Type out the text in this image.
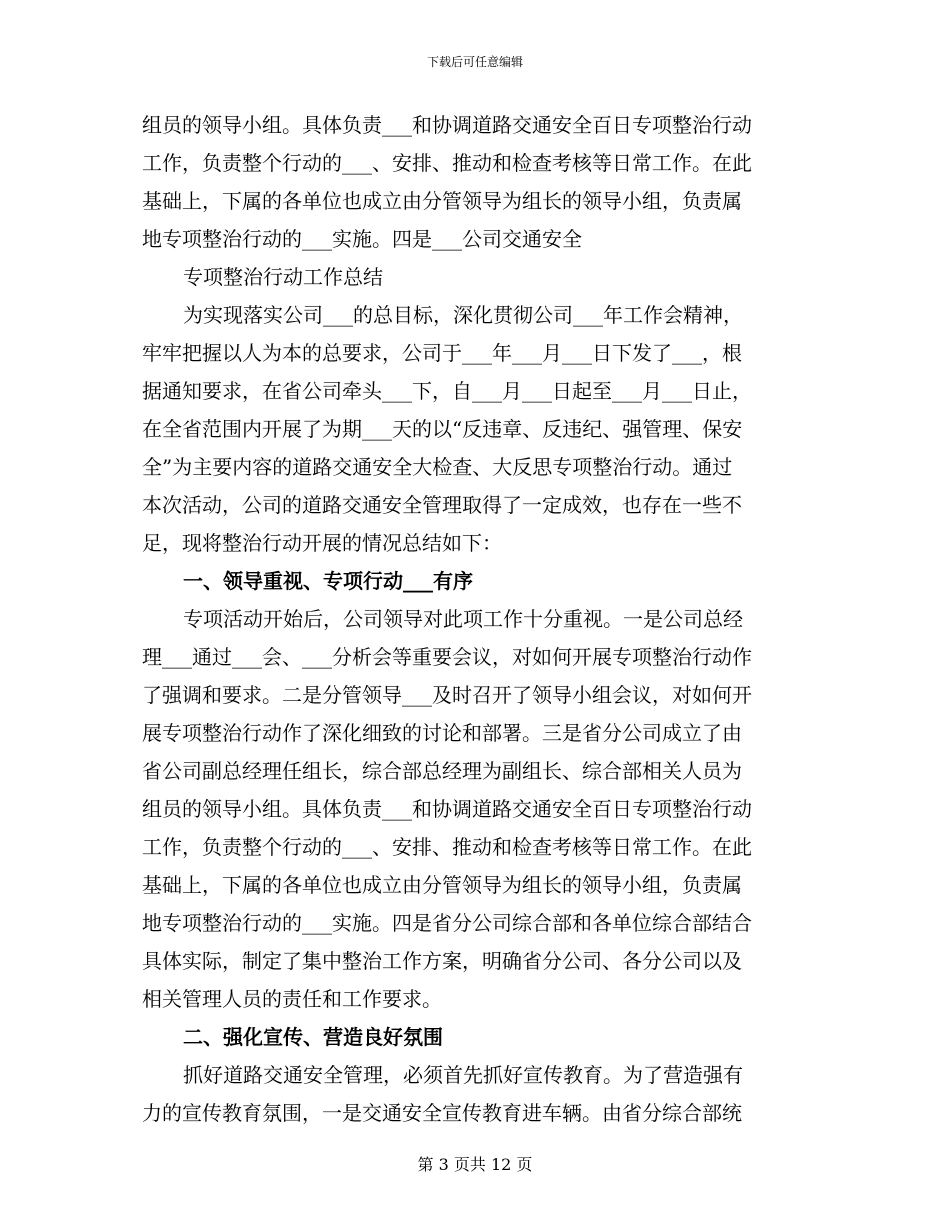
下载后可任意编辑
组员的领导小组。具体负责___和协调道路交通安全百日专项整治行动
工作，负责整个行动的___、安排、推动和检查考核等日常工作。在此
基础上，下属的各单位也成立由分管领导为组长的领导小组，负责属
地专项整治行动的___实施。四是___公司交通安全
专项整治行动工作总结
为实现落实公司___的总目标，深化贯彻公司___年工作会精神，
牢牢把握以人为本的总要求，公司于___年___月___日下发了___，根
据通知要求，在省公司牵头___下，自___月___日起至___月___日止，
在全省范围内开展了为期___天的以“反违章、反违纪、强管理、保安
全”为主要内容的道路交通安全大检查、大反思专项整治行动。通过
本次活动，公司的道路交通安全管理取得了一定成效，也存在一些不
足，现将整治行动开展的情况总结如下：
一、领导重视、专项行动___有序
专项活动开始后，公司领导对此项工作十分重视。一是公司总经
理___通过___会、___分析会等重要会议，对如何开展专项整治行动作
了强调和要求。二是分管领导___及时召开了领导小组会议，对如何开
展专项整治行动作了深化细致的讨论和部署。三是省分公司成立了由
省公司副总经理任组长，综合部总经理为副组长、综合部相关人员为
组员的领导小组。具体负责___和协调道路交通安全百日专项整治行动
工作，负责整个行动的___、安排、推动和检查考核等日常工作。在此
基础上，下属的各单位也成立由分管领导为组长的领导小组，负责属
地专项整治行动的___实施。四是省分公司综合部和各单位综合部结合
具体实际，制定了集中整治工作方案，明确省分公司、各分公司以及
相关管理人员的责任和工作要求。
二、强化宣传、营造良好氛围
抓好道路交通安全管理，必须首先抓好宣传教育。为了营造强有
力的宣传教育氛围，一是交通安全宣传教育进车辆。由省分综合部统
第 3 页共 12 页
